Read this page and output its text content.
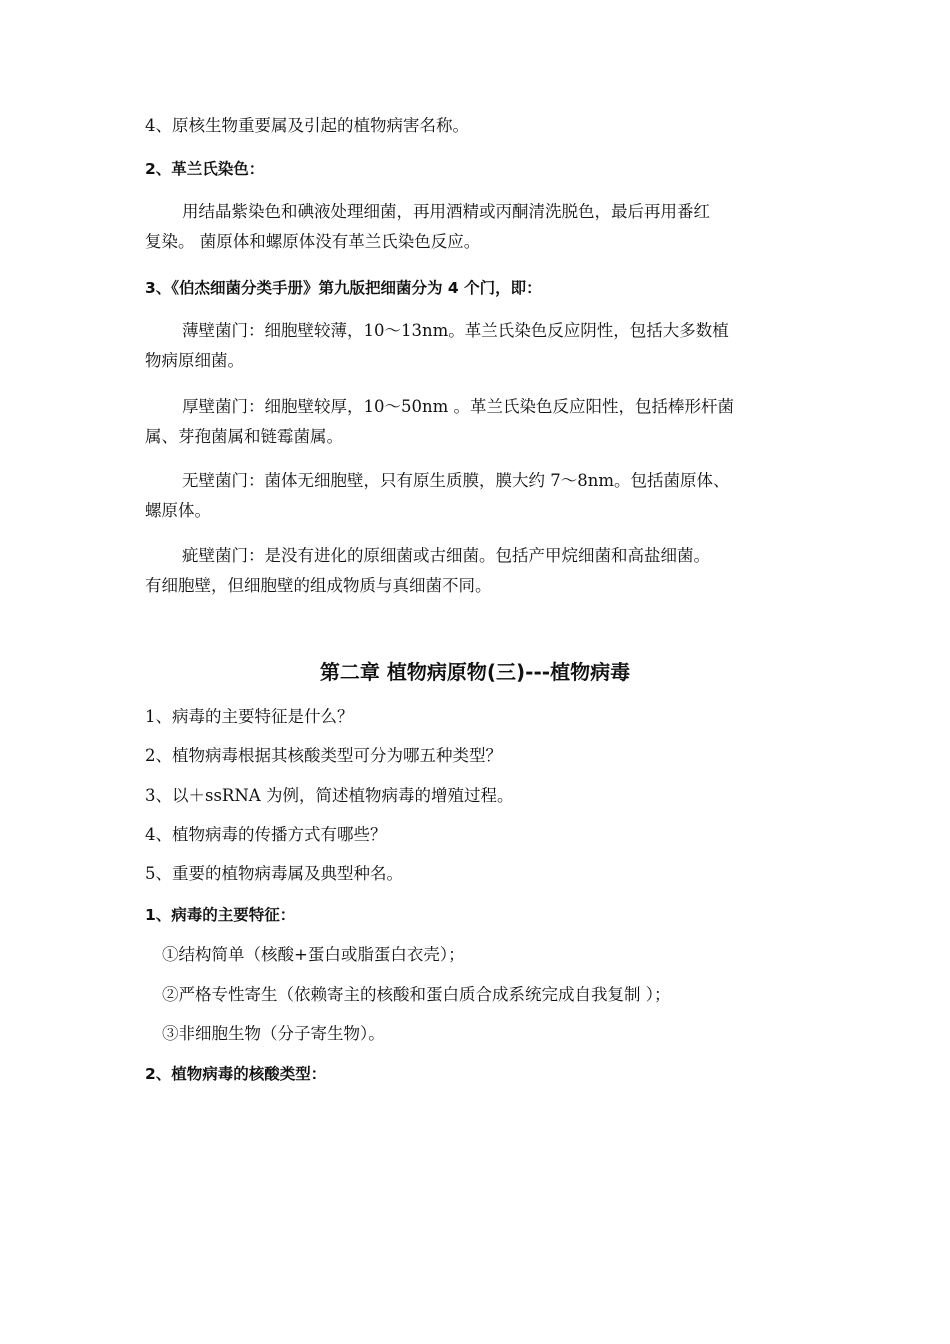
4、原核生物重要属及引起的植物病害名称。
2、革兰氏染色：
用结晶紫染色和碘液处理细菌，再用酒精或丙酮清洗脱色，最后再用番红
复染。 菌原体和螺原体没有革兰氏染色反应。
3、《伯杰细菌分类手册》第九版把细菌分为 4 个门，即：
薄壁菌门：细胞壁较薄，10～13nm。革兰氏染色反应阴性，包括大多数植
物病原细菌。
厚壁菌门：细胞壁较厚，10～50nm 。革兰氏染色反应阳性，包括棒形杆菌
属、芽孢菌属和链霉菌属。
无壁菌门：菌体无细胞壁，只有原生质膜，膜大约 7～8nm。包括菌原体、
螺原体。
疵壁菌门：是没有进化的原细菌或古细菌。包括产甲烷细菌和高盐细菌。
有细胞壁，但细胞壁的组成物质与真细菌不同。
第二章 植物病原物(三)---植物病毒
1、病毒的主要特征是什么？
2、植物病毒根据其核酸类型可分为哪五种类型？
3、以＋ssRNA 为例，简述植物病毒的增殖过程。
4、植物病毒的传播方式有哪些？
5、重要的植物病毒属及典型种名。
1、病毒的主要特征：
①结构简单（核酸+蛋白或脂蛋白衣壳）；
②严格专性寄生（依赖寄主的核酸和蛋白质合成系统完成自我复制 ）；
③非细胞生物（分子寄生物）。
2、植物病毒的核酸类型：
